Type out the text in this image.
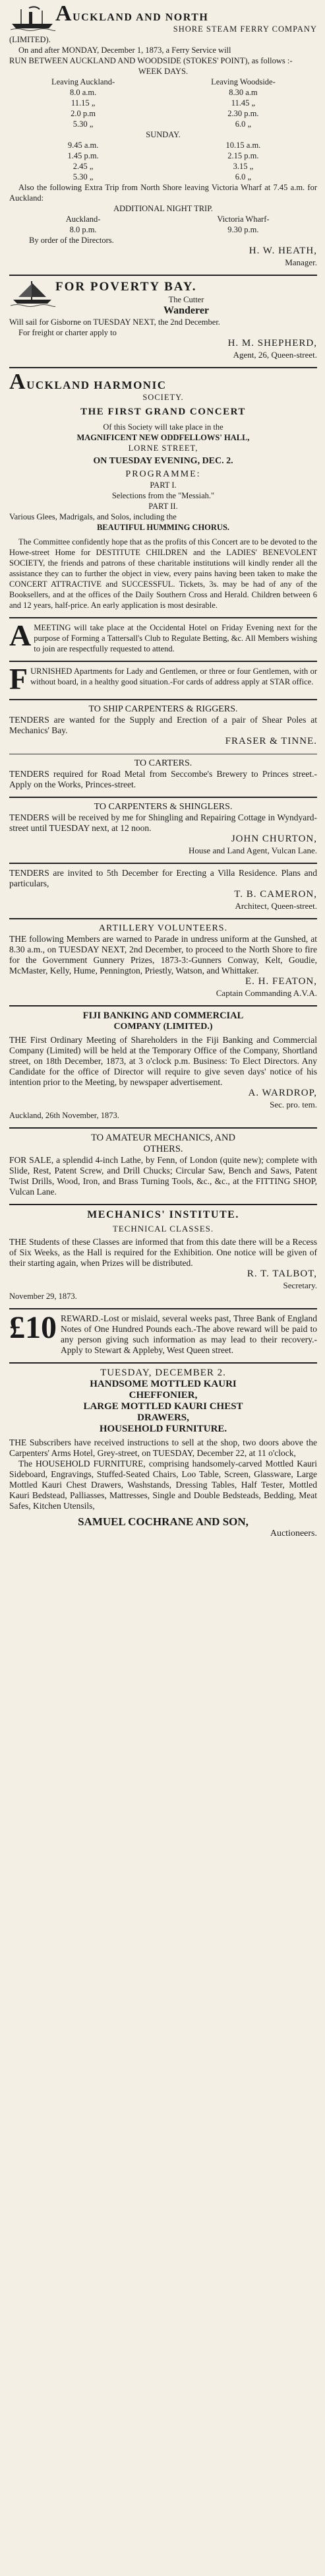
AUCKLAND AND NORTH
SHORE STEAM FERRY COMPANY
(LIMITED).
On and after MONDAY, December 1, 1873, a Ferry Service will
RUN BETWEEN AUCKLAND AND WOODSIDE (STOKES' POINT), as follows :-
WEEK DAYS.
Leaving Auckland-
8.0 a.m.
11.15 „
2.0 p.m
5.30 „
Leaving Woodside-
8.30 a.m
11.45 „
2.30 p.m.
6.0 „
SUNDAY.
9.45 a.m.
1.45 p.m.
2.45 „
5.30 „
10.15 a.m.
2.15 p.m.
3.15 „
6.0 „
Also the following Extra Trip from North Shore leaving Victoria Wharf at 7.45 a.m. for Auckland:
ADDITIONAL NIGHT TRIP.
Auckland-
8.0 p.m.
Victoria Wharf-
9.30 p.m.
By order of the Directors.
H. W. HEATH,
Manager.
FOR POVERTY BAY.
The Cutter
Wanderer
Will sail for Gisborne on TUESDAY NEXT, the 2nd December.
For freight or charter apply to
H. M. SHEPHERD,
Agent, 26, Queen-street.
AUCKLAND HARMONIC
SOCIETY.
THE FIRST GRAND CONCERT
Of this Society will take place in the
MAGNIFICENT NEW ODDFELLOWS' HALL,
LORNE STREET,
ON TUESDAY EVENING, DEC. 2.
PROGRAMME:
PART I.
Selections from the "Messiah."
PART II.
Various Glees, Madrigals, and Solos, including the
BEAUTIFUL HUMMING CHORUS.
The Committee confidently hope that as the profits of this Concert are to be devoted to the Howe-street Home for DESTITUTE CHILDREN and the LADIES' BENEVOLENT SOCIETY, the friends and patrons of these charitable institutions will kindly render all the assistance they can to further the object in view, every pains having been taken to make the CONCERT ATTRACTIVE and SUCCESSFUL. Tickets, 3s. may be had of any of the Booksellers, and at the offices of the Daily Southern Cross and Herald. Children between 6 and 12 years, half-price. An early application is most desirable.
A MEETING will take place at the Occidental Hotel on Friday Evening next for the purpose of Forming a Tattersall's Club to Regulate Betting, &c. All Members wishing to join are respectfully requested to attend.
F URNISHED Apartments for Lady and Gentlemen, or three or four Gentlemen, with or without board, in a healthy good situation.-For cards of address apply at STAR office.
TO SHIP CARPENTERS & RIGGERS.
TENDERS are wanted for the Supply and Erection of a pair of Shear Poles at Mechanics' Bay.
FRASER & TINNE.
TO CARTERS.
TENDERS required for Road Metal from Seccombe's Brewery to Princes street.-Apply on the Works, Princes-street.
TO CARPENTERS & SHINGLERS.
TENDERS will be received by me for Shingling and Repairing Cottage in Wyndyard-street until TUESDAY next, at 12 noon.
JOHN CHURTON,
House and Land Agent, Vulcan Lane.
TENDERS are invited to 5th December for Erecting a Villa Residence. Plans and particulars,
T. B. CAMERON,
Architect, Queen-street.
ARTILLERY VOLUNTEERS.
THE following Members are warned to Parade in undress uniform at the Gunshed, at 8.30 a.m., on TUESDAY NEXT, 2nd December, to proceed to the North Shore to fire for the Government Gunnery Prizes, 1873-3:-Gunners Conway, Kelt, Goudie, McMaster, Kelly, Hume, Pennington, Priestly, Watson, and Whittaker.
E. H. FEATON,
Captain Commanding A.V.A.
FIJI BANKING AND COMMERCIAL
COMPANY (LIMITED.)
THE First Ordinary Meeting of Shareholders in the Fiji Banking and Commercial Company (Limited) will be held at the Temporary Office of the Company, Shortland street, on 18th December, 1873, at 3 o'clock p.m. Business: To Elect Directors. Any Candidate for the office of Director will require to give seven days' notice of his intention prior to the Meeting, by newspaper advertisement.
A. WARDROP,
Sec. pro. tem.
Auckland, 26th November, 1873.
TO AMATEUR MECHANICS, AND
OTHERS.
FOR SALE, a splendid 4-inch Lathe, by Fenn, of London (quite new); complete with Slide, Rest, Patent Screw, and Drill Chucks; Circular Saw, Bench and Saws, Patent Twist Drills, Wood, Iron, and Brass Turning Tools, &c., &c., at the FITTING SHOP, Vulcan Lane.
MECHANICS' INSTITUTE.
TECHNICAL CLASSES.
THE Students of these Classes are informed that from this date there will be a Recess of Six Weeks, as the Hall is required for the Exhibition. One notice will be given of their starting again, when Prizes will be distributed.
R. T. TALBOT,
Secretary.
November 29, 1873.
£10 REWARD.-Lost or mislaid, several weeks past, Three Bank of England Notes of One Hundred Pounds each.-The above reward will be paid to any person giving such information as may lead to their recovery.-Apply to Stewart & Appleby, West Queen street.
TUESDAY, DECEMBER 2.
HANDSOME MOTTLED KAURI
CHEFFONIER,
LARGE MOTTLED KAURI CHEST
DRAWERS,
HOUSEHOLD FURNITURE.
THE Subscribers have received instructions to sell at the shop, two doors above the Carpenters' Arms Hotel, Grey-street, on TUESDAY, December 22, at 11 o'clock,
The HOUSEHOLD FURNITURE, comprising handsomely-carved Mottled Kauri Sideboard, Engravings, Stuffed-Seated Chairs, Loo Table, Screen, Glassware, Large Mottled Kauri Chest Drawers, Washstands, Dressing Tables, Half Tester, Mottled Kauri Bedstead, Palliasses, Mattresses, Single and Double Bedsteads, Bedding, Meat Safes, Kitchen Utensils,
SAMUEL COCHRANE AND SON,
Auctioneers.
